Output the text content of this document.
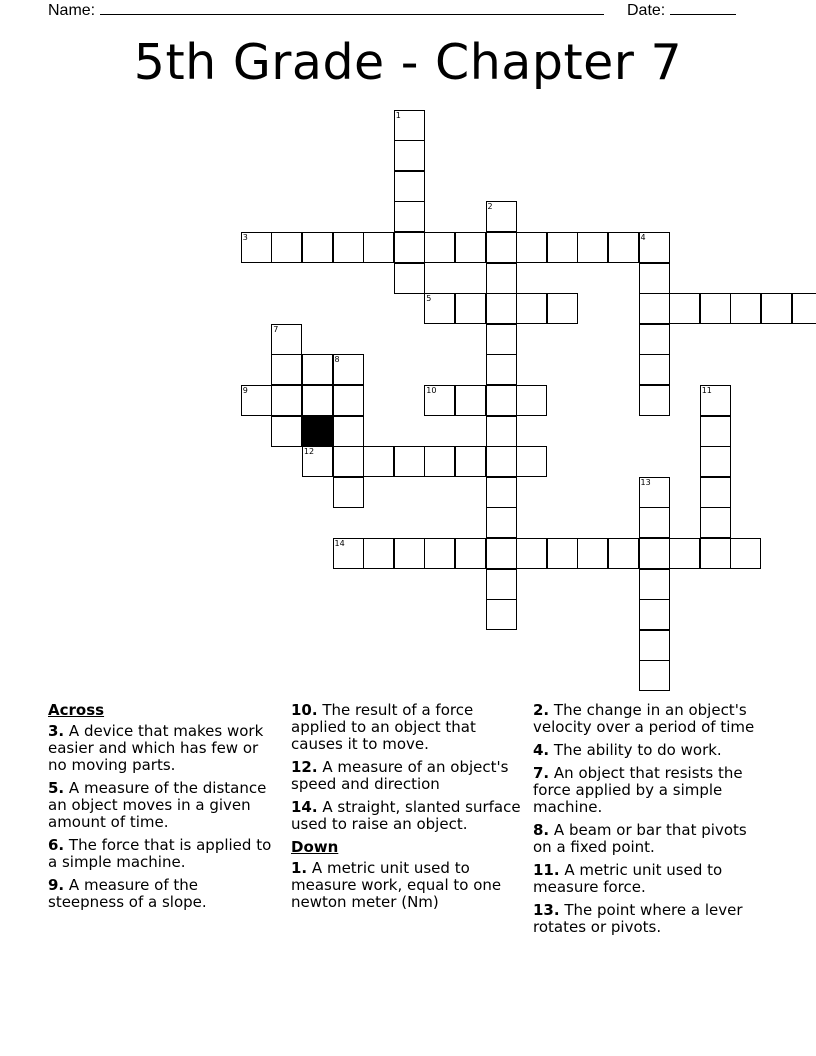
Name:	Date:
5th Grade - Chapter 7
1
2
3	4
5
7
8
9	10	11
12
13
14
Across
3. A device that makes work easier and which has few or no moving parts.
5. A measure of the distance an object moves in a given amount of time.
6. The force that is applied to a simple machine.
9. A measure of the steepness of a slope.
10. The result of a force applied to an object that causes it to move.
12. A measure of an object's speed and direction
14. A straight, slanted surface used to raise an object.
Down
1. A metric unit used to measure work, equal to one newton meter (Nm)
2. The change in an object's velocity over a period of time
4. The ability to do work.
7. An object that resists the force applied by a simple machine.
8. A beam or bar that pivots on a fixed point.
11. A metric unit used to measure force.
13. The point where a lever rotates or pivots.
